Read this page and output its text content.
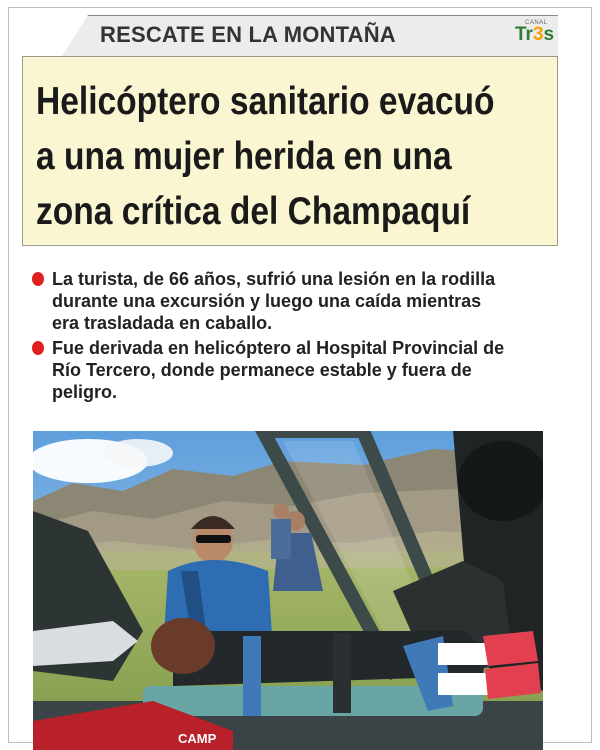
RESCATE EN LA MONTAÑA	CANAL
Tr3s
Helicóptero sanitario evacuó
a una mujer herida en una
zona crítica del Champaquí

La turista, de 66 años, sufrió una lesión en la rodilla
durante una excursión y luego una caída mientras
era trasladada en caballo.

Fue derivada en helicóptero al Hospital Provincial de
Río Tercero, donde permanece estable y fuera de
peligro.

CAMP
